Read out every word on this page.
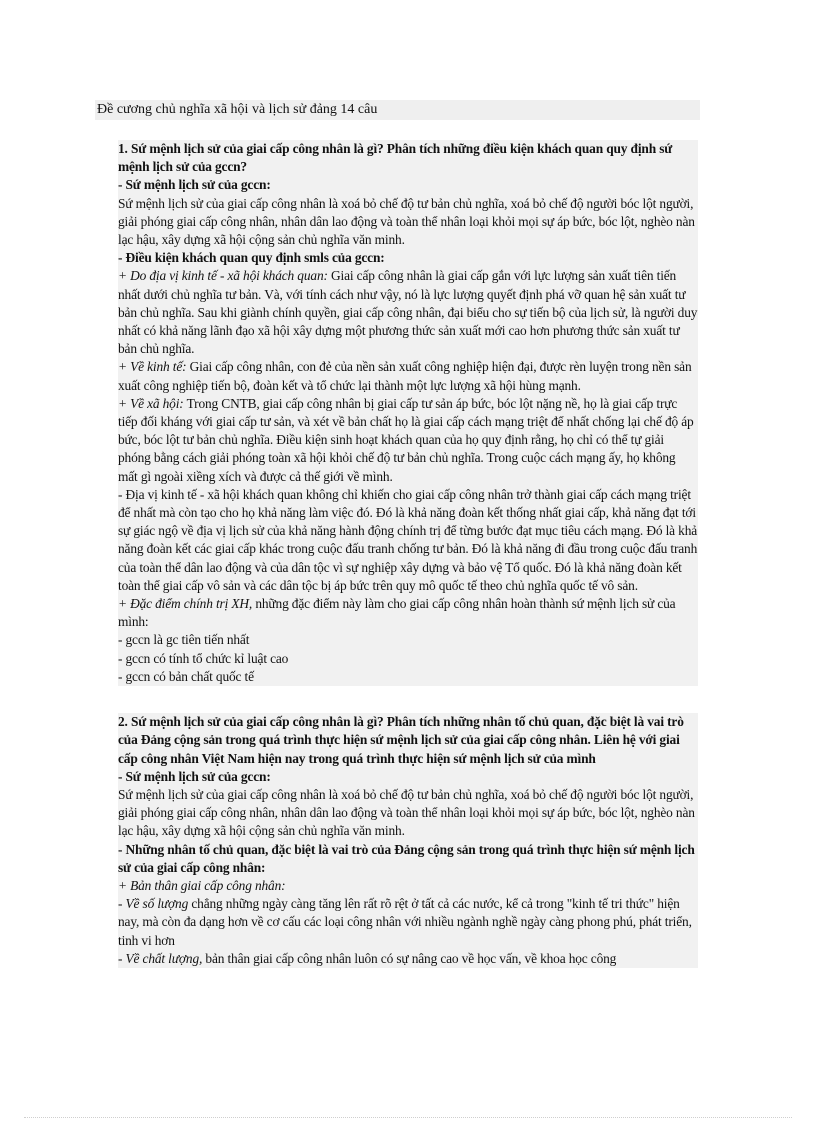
Đề cương chủ nghĩa xã hội và lịch sử đảng 14 câu

1. Sứ mệnh lịch sử của giai cấp công nhân là gì? Phân tích những điều kiện khách quan quy định sứ mệnh lịch sử của gccn?

- Sứ mệnh lịch sử của gccn:

Sứ mệnh lịch sử của giai cấp công nhân là xoá bỏ chế độ tư bản chủ nghĩa, xoá bỏ chế độ người bóc lột người, giải phóng giai cấp công nhân, nhân dân lao động và toàn thể nhân loại khỏi mọi sự áp bức, bóc lột, nghèo nàn lạc hậu, xây dựng xã hội cộng sản chủ nghĩa văn minh.

- Điều kiện khách quan quy định smls của gccn:

+ Do địa vị kinh tế - xã hội khách quan: Giai cấp công nhân là giai cấp gắn với lực lượng sản xuất tiên tiến nhất dưới chủ nghĩa tư bản. Và, với tính cách như vậy, nó là lực lượng quyết định phá vỡ quan hệ sản xuất tư bản chủ nghĩa. Sau khi giành chính quyền, giai cấp công nhân, đại biểu cho sự tiến bộ của lịch sử, là người duy nhất có khả năng lãnh đạo xã hội xây dựng một phương thức sản xuất mới cao hơn phương thức sản xuất tư bản chủ nghĩa.

+ Về kinh tế: Giai cấp công nhân, con đẻ của nền sản xuất công nghiệp hiện đại, được rèn luyện trong nền sản xuất công nghiệp tiến bộ, đoàn kết và tổ chức lại thành một lực lượng xã hội hùng mạnh.

+ Về xã hội: Trong CNTB, giai cấp công nhân bị giai cấp tư sản áp bức, bóc lột nặng nề, họ là giai cấp trực tiếp đối kháng với giai cấp tư sản, và xét về bản chất họ là giai cấp cách mạng triệt để nhất chống lại chế độ áp bức, bóc lột tư bản chủ nghĩa. Điều kiện sinh hoạt khách quan của họ quy định rằng, họ chỉ có thể tự giải phóng bằng cách giải phóng toàn xã hội khỏi chế độ tư bản chủ nghĩa. Trong cuộc cách mạng ấy, họ không mất gì ngoài xiềng xích và được cả thế giới về mình.

- Địa vị kinh tế - xã hội khách quan không chỉ khiến cho giai cấp công nhân trở thành giai cấp cách mạng triệt để nhất mà còn tạo cho họ khả năng làm việc đó. Đó là khả năng đoàn kết thống nhất giai cấp, khả năng đạt tới sự giác ngộ về địa vị lịch sử của khả năng hành động chính trị để từng bước đạt mục tiêu cách mạng. Đó là khả năng đoàn kết các giai cấp khác trong cuộc đấu tranh chống tư bản. Đó là khả năng đi đầu trong cuộc đấu tranh của toàn thể dân lao động và của dân tộc vì sự nghiệp xây dựng và bảo vệ Tổ quốc. Đó là khả năng đoàn kết toàn thể giai cấp vô sản và các dân tộc bị áp bức trên quy mô quốc tế theo chủ nghĩa quốc tế vô sản.

+ Đặc điểm chính trị XH, những đặc điểm này làm cho giai cấp công nhân hoàn thành sứ mệnh lịch sử của mình:

- gccn là gc tiên tiến nhất

- gccn có tính tổ chức kỉ luật cao

- gccn có bản chất quốc tế

2. Sứ mệnh lịch sử của giai cấp công nhân là gì? Phân tích những nhân tố chủ quan, đặc biệt là vai trò của Đảng cộng sản trong quá trình thực hiện sứ mệnh lịch sử của giai cấp công nhân. Liên hệ với giai cấp công nhân Việt Nam hiện nay trong quá trình thực hiện sứ mệnh lịch sử của mình

- Sứ mệnh lịch sử của gccn:

Sứ mệnh lịch sử của giai cấp công nhân là xoá bỏ chế độ tư bản chủ nghĩa, xoá bỏ chế độ người bóc lột người, giải phóng giai cấp công nhân, nhân dân lao động và toàn thể nhân loại khỏi mọi sự áp bức, bóc lột, nghèo nàn lạc hậu, xây dựng xã hội cộng sản chủ nghĩa văn minh.

- Những nhân tố chủ quan, đặc biệt là vai trò của Đảng cộng sản trong quá trình thực hiện sứ mệnh lịch sử của giai cấp công nhân:

+ Bản thân giai cấp công nhân:

- Về số lượng chẳng những ngày càng tăng lên rất rõ rệt ở tất cả các nước, kể cả trong "kinh tế tri thức" hiện nay, mà còn đa dạng hơn về cơ cấu các loại công nhân với nhiều ngành nghề ngày càng phong phú, phát triển, tinh vi hơn

- Về chất lượng, bản thân giai cấp công nhân luôn có sự nâng cao về học vấn, về khoa học công
